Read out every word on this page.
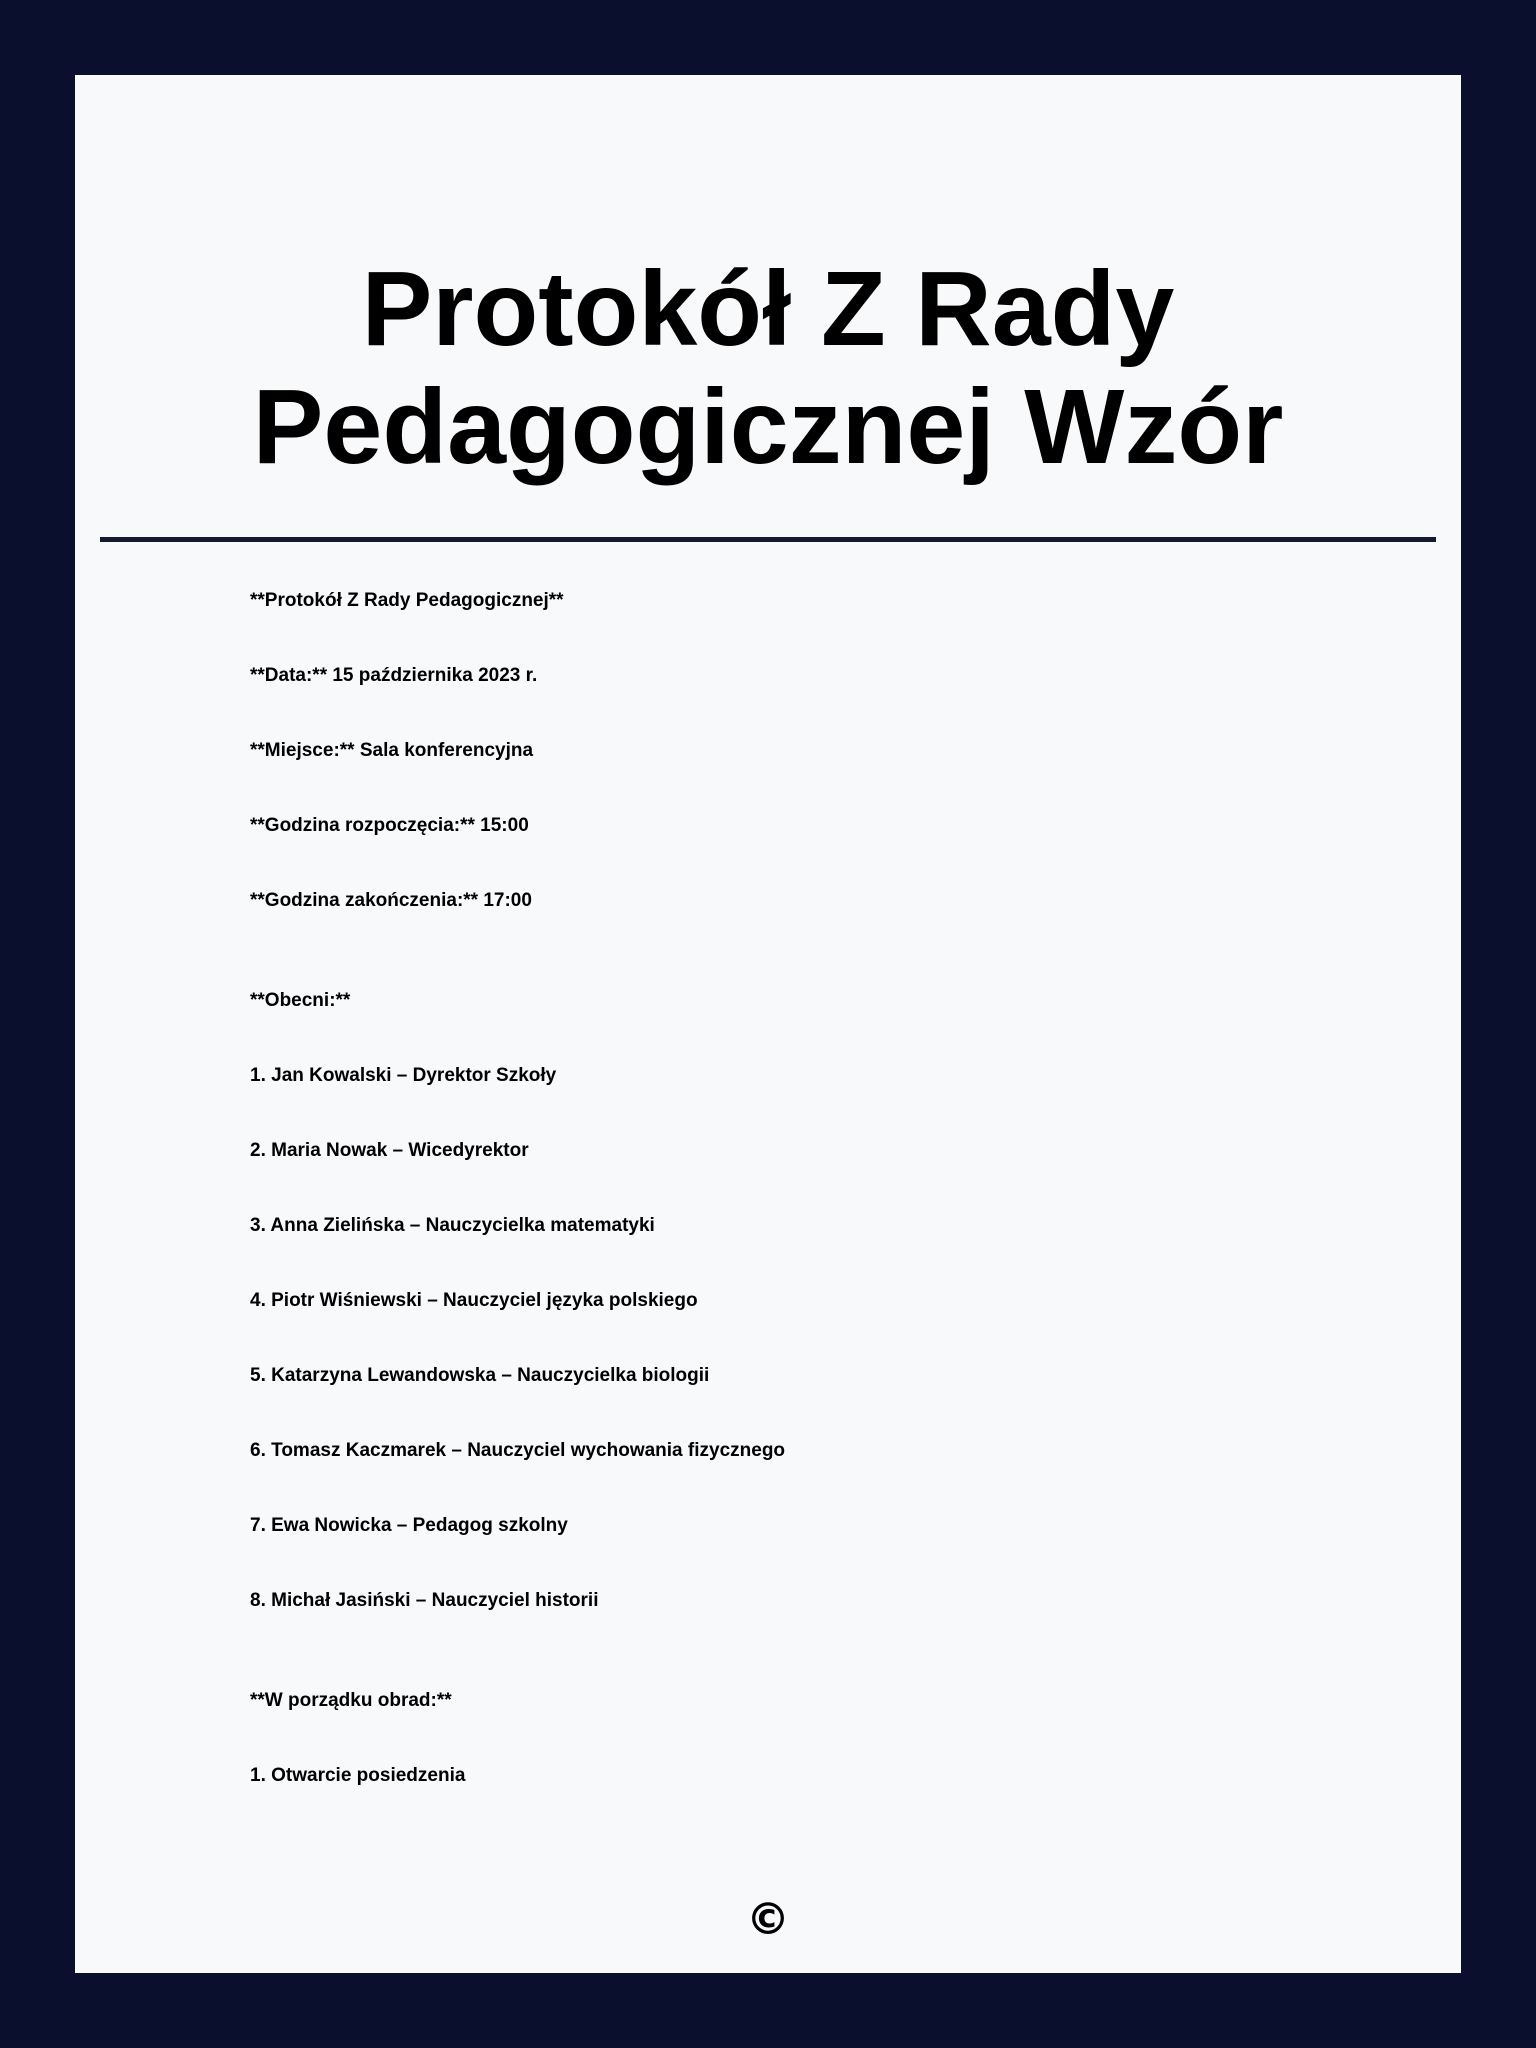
Protokół Z Rady
Pedagogicznej Wzór
**Protokół Z Rady Pedagogicznej**
**Data:** 15 października 2023 r.
**Miejsce:** Sala konferencyjna
**Godzina rozpoczęcia:** 15:00
**Godzina zakończenia:** 17:00
**Obecni:**
1. Jan Kowalski – Dyrektor Szkoły
2. Maria Nowak – Wicedyrektor
3. Anna Zielińska – Nauczycielka matematyki
4. Piotr Wiśniewski – Nauczyciel języka polskiego
5. Katarzyna Lewandowska – Nauczycielka biologii
6. Tomasz Kaczmarek – Nauczyciel wychowania fizycznego
7. Ewa Nowicka – Pedagog szkolny
8. Michał Jasiński – Nauczyciel historii
**W porządku obrad:**
1. Otwarcie posiedzenia
©
